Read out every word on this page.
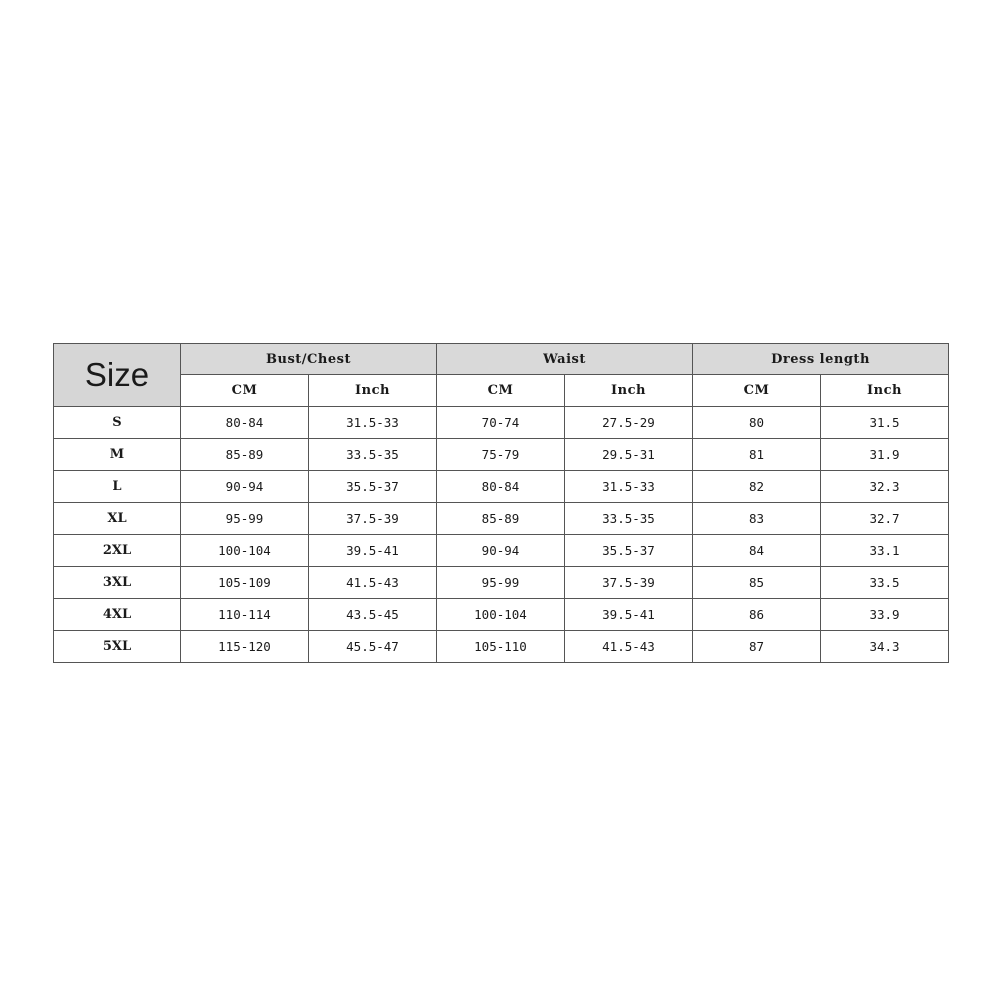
Size	Bust/Chest		Waist		Dress length	
	CM	Inch	CM	Inch	CM	Inch
S	80-84	31.5-33	70-74	27.5-29	80	31.5
M	85-89	33.5-35	75-79	29.5-31	81	31.9
L	90-94	35.5-37	80-84	31.5-33	82	32.3
XL	95-99	37.5-39	85-89	33.5-35	83	32.7
2XL	100-104	39.5-41	90-94	35.5-37	84	33.1
3XL	105-109	41.5-43	95-99	37.5-39	85	33.5
4XL	110-114	43.5-45	100-104	39.5-41	86	33.9
5XL	115-120	45.5-47	105-110	41.5-43	87	34.3
